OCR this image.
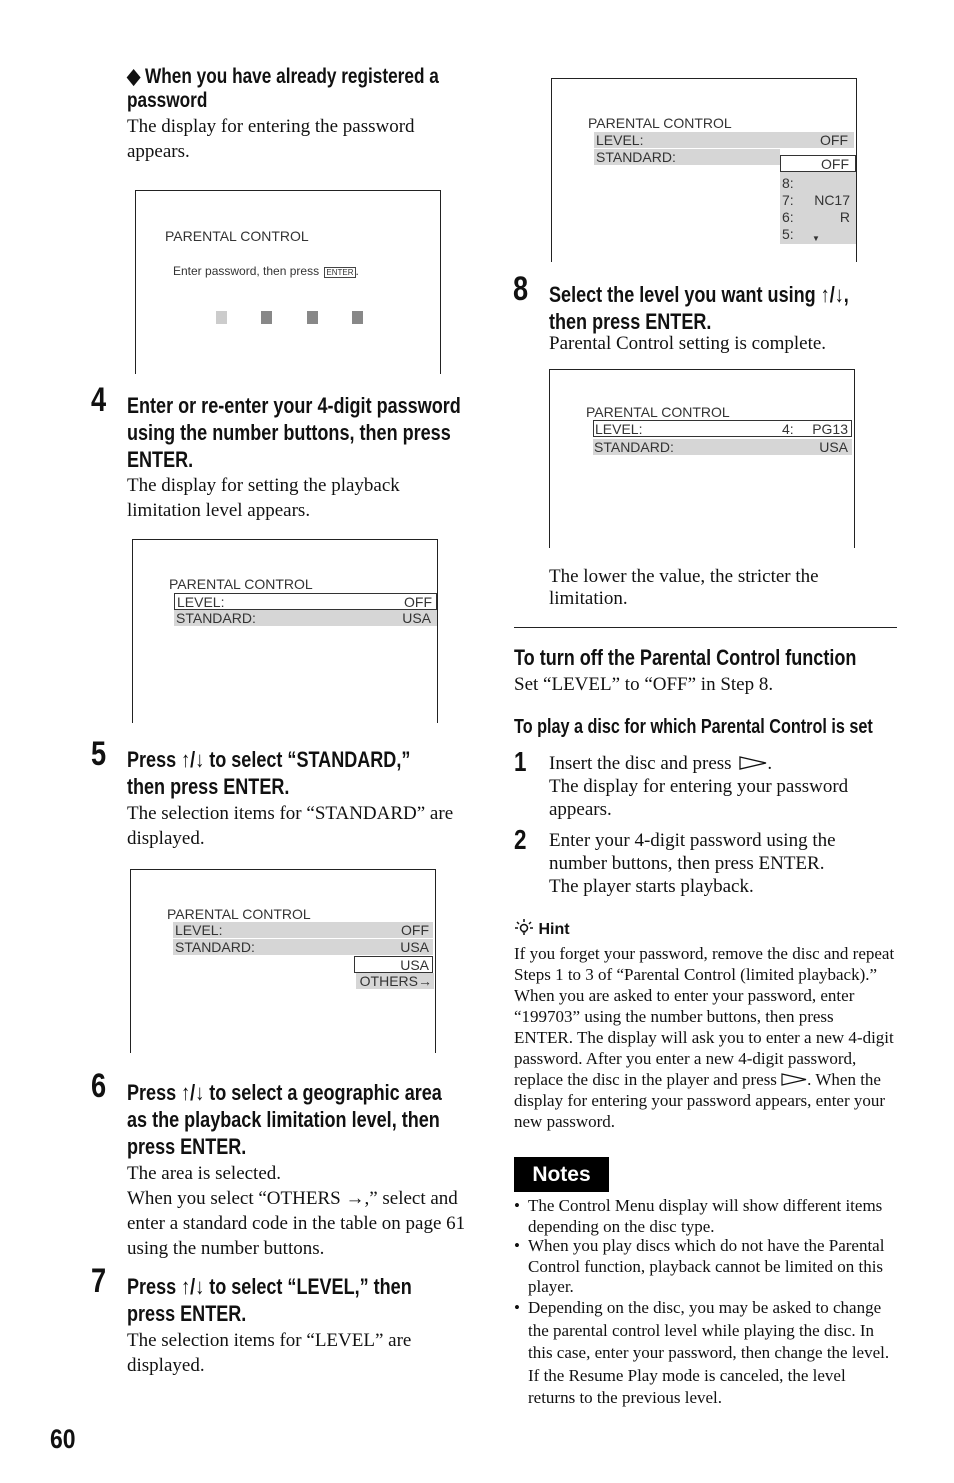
◆ When you have already registered a
password
The display for entering the password appears.
PARENTAL CONTROL
Enter password, then press ENTER .
4 Enter or re-enter your 4-digit password
using the number buttons, then press
ENTER.
The display for setting the playback limitation level appears.
PARENTAL CONTROL
LEVEL:	OFF
STANDARD:	USA
5 Press ↑/↓ to select “STANDARD,”
then press ENTER.
The selection items for “STANDARD” are displayed.
PARENTAL CONTROL
LEVEL:	OFF
STANDARD:	USA
USA
OTHERS→
6 Press ↑/↓ to select a geographic area
as the playback limitation level, then
press ENTER.
The area is selected.
When you select “OTHERS →,” select and enter a standard code in the table on page 61 using the number buttons.
7 Press ↑/↓ to select “LEVEL,” then
press ENTER.
The selection items for “LEVEL” are displayed.
60
PARENTAL CONTROL
LEVEL:	OFF
STANDARD:	OFF
8:
7: NC17
6:	R
5: ▼
8 Select the level you want using ↑/↓,
then press ENTER.
Parental Control setting is complete.
PARENTAL CONTROL
LEVEL:	4: PG13
STANDARD:	USA
The lower the value, the stricter the limitation.
To turn off the Parental Control function
Set “LEVEL” to “OFF” in Step 8.
To play a disc for which Parental Control is set
1 Insert the disc and press .
The display for entering your password appears.
2 Enter your 4-digit password using the number buttons, then press ENTER.
The player starts playback.
Hint
If you forget your password, remove the disc and repeat Steps 1 to 3 of “Parental Control (limited playback).” When you are asked to enter your password, enter “199703” using the number buttons, then press ENTER. The display will ask you to enter a new 4-digit password. After you enter a new 4-digit password, replace the disc in the player and press . When the display for entering your password appears, enter your new password.
Notes
• The Control Menu display will show different items depending on the disc type.
• When you play discs which do not have the Parental Control function, playback cannot be limited on this player.
• Depending on the disc, you may be asked to change the parental control level while playing the disc. In this case, enter your password, then change the level. If the Resume Play mode is canceled, the level returns to the previous level.
